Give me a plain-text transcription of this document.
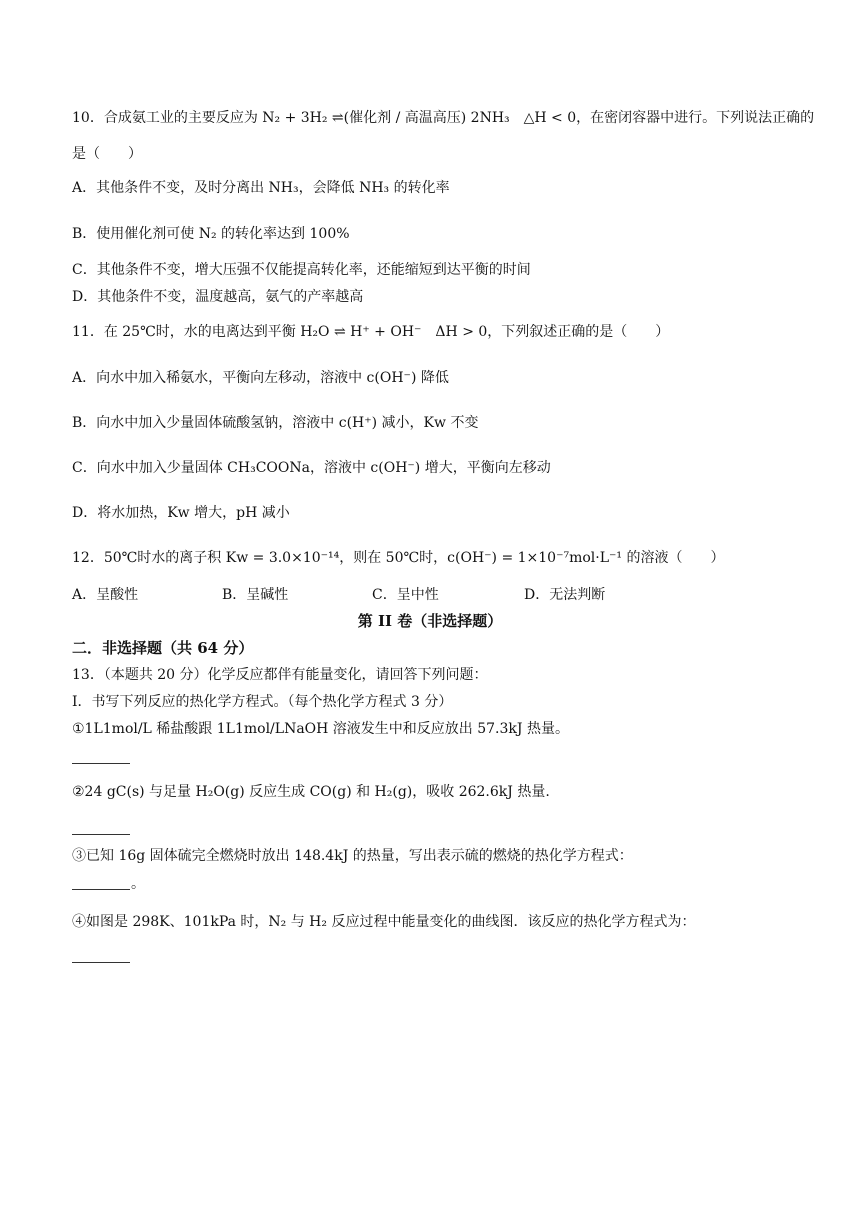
10．合成氨工业的主要反应为 N₂ + 3H₂ ⇌(催化剂 / 高温高压) 2NH₃　△H < 0，在密闭容器中进行。下列说法正确的
是（　　）
A．其他条件不变，及时分离出 NH₃，会降低 NH₃ 的转化率
B．使用催化剂可使 N₂ 的转化率达到 100%
C．其他条件不变，增大压强不仅能提高转化率，还能缩短到达平衡的时间
D．其他条件不变，温度越高，氨气的产率越高
11．在 25℃时，水的电离达到平衡 H₂O ⇌ H⁺ + OH⁻　ΔH > 0，下列叙述正确的是（　　）
A．向水中加入稀氨水，平衡向左移动，溶液中 c(OH⁻) 降低
B．向水中加入少量固体硫酸氢钠，溶液中 c(H⁺) 减小，Kw 不变
C．向水中加入少量固体 CH₃COONa，溶液中 c(OH⁻) 增大，平衡向左移动
D．将水加热，Kw 增大，pH 减小
12．50℃时水的离子积 Kw = 3.0×10⁻¹⁴，则在 50℃时，c(OH⁻) = 1×10⁻⁷mol·L⁻¹ 的溶液（　　）
A．呈酸性	B．呈碱性	C．呈中性	D．无法判断
第 II 卷（非选择题）
二．非选择题（共 64 分）
13．（本题共 20 分）化学反应都伴有能量变化，请回答下列问题：
I．书写下列反应的热化学方程式。（每个热化学方程式 3 分）
①1L1mol/L 稀盐酸跟 1L1mol/LNaOH 溶液发生中和反应放出 57.3kJ 热量。
②24 gC(s) 与足量 H₂O(g) 反应生成 CO(g) 和 H₂(g)，吸收 262.6kJ 热量.
③已知 16g 固体硫完全燃烧时放出 148.4kJ 的热量，写出表示硫的燃烧的热化学方程式：
。
④如图是 298K、101kPa 时，N₂ 与 H₂ 反应过程中能量变化的曲线图．该反应的热化学方程式为：
